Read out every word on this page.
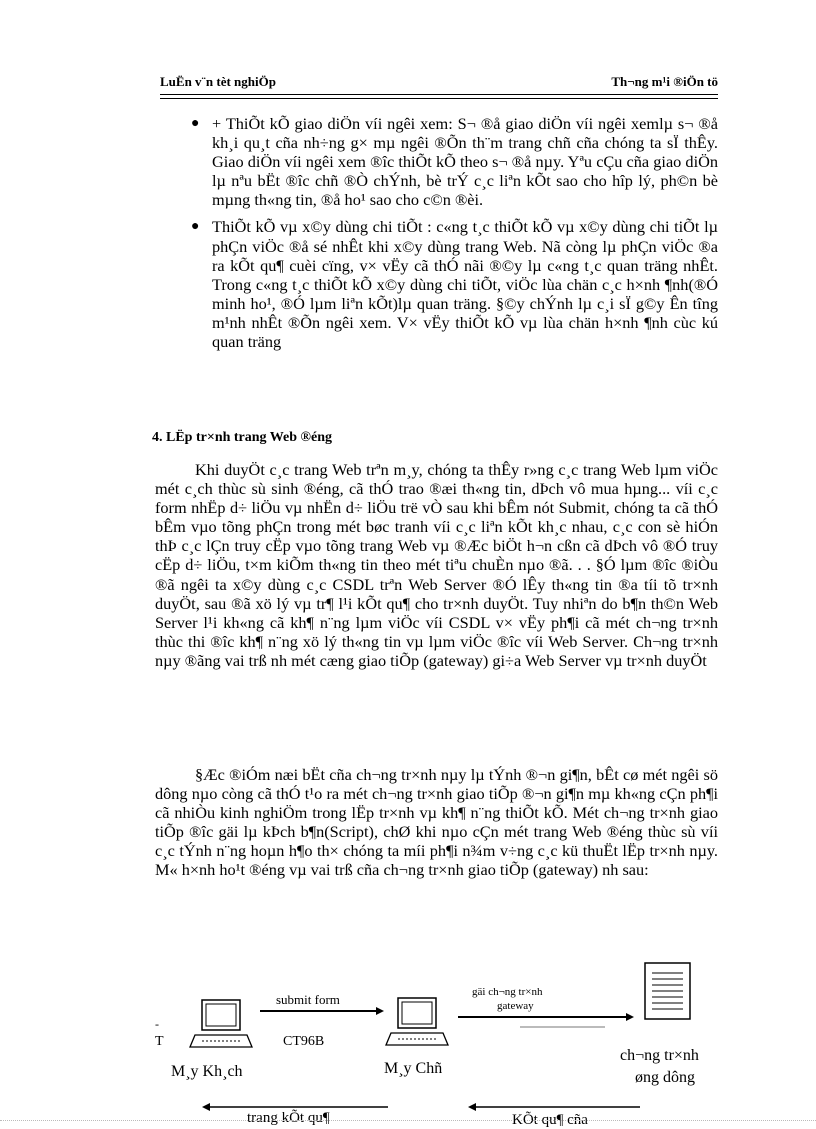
LuËn v¨n tèt nghiÖp	Th¬ng m¹i ®iÖn tö
● + ThiÕt kÕ giao diÖn víi ngêi xem: S¬ ®å giao diÖn víi ngêi xemlµ s¬ ®å kh¸i qu¸t cña nh÷ng g× mµ ngêi ®Õn th¨m trang chñ cña chóng ta sÏ thÊy. Giao diÖn víi ngêi xem ®îc thiÕt kÕ theo s¬ ®å nµy. Yªu cÇu cña giao diÖn lµ nªu bËt ®îc chñ ®Ò chÝnh, bè trÝ c¸c liªn kÕt sao cho hîp lý, ph©n bè mµng th«ng tin, ®å ho¹ sao cho c©n ®èi.
● ThiÕt kÕ vµ x©y dùng chi tiÕt : c«ng t¸c thiÕt kÕ vµ x©y dùng chi tiÕt lµ phÇn viÖc ®å sé nhÊt khi x©y dùng trang Web. Nã còng lµ phÇn viÖc ®a ra kÕt qu¶ cuèi cïng, v× vËy cã thÓ nãi ®©y lµ c«ng t¸c quan träng nhÊt. Trong c«ng t¸c thiÕt kÕ x©y dùng chi tiÕt, viÖc lùa chän c¸c h×nh ¶nh(®Ó minh ho¹, ®Ó lµm liªn kÕt)lµ quan träng. §©y chÝnh lµ c¸i sÏ g©y Ên tîng m¹nh nhÊt ®Õn ngêi xem. V× vËy thiÕt kÕ vµ lùa chän h×nh ¶nh cùc kú quan träng
4. LËp tr×nh trang Web ®éng

Khi duyÖt c¸c trang Web trªn m¸y, chóng ta thÊy r»ng c¸c trang Web lµm viÖc mét c¸ch thùc sù sinh ®éng, cã thÓ trao ®æi th«ng tin, dÞch vô mua hµng... víi c¸c form nhËp d÷ liÖu vµ nhËn d÷ liÖu trë vÒ sau khi bÊm nót Submit, chóng ta cã thÓ bÊm vµo tõng phÇn trong mét bøc tranh víi c¸c liªn kÕt kh¸c nhau, c¸c con sè hiÓn thÞ c¸c lÇn truy cËp vµo tõng trang Web vµ ®Æc biÖt h¬n cßn cã dÞch vô ®Ó truy cËp d÷ liÖu, t×m kiÕm th«ng tin theo mét tiªu chuÈn nµo ®ã. . . §Ó lµm ®îc ®iÒu ®ã ngêi ta x©y dùng c¸c CSDL trªn Web Server ®Ó lÊy th«ng tin ®a tíi tõ tr×nh duyÖt, sau ®ã xö lý vµ tr¶ l¹i kÕt qu¶ cho tr×nh duyÖt. Tuy nhiªn do b¶n th©n Web Server l¹i kh«ng cã kh¶ n¨ng lµm viÖc víi CSDL v× vËy ph¶i cã mét ch¬ng tr×nh thùc thi ®îc kh¶ n¨ng xö lý th«ng tin vµ lµm viÖc ®îc víi Web Server. Ch¬ng tr×nh nµy ®ãng vai trß nh mét cæng giao tiÕp (gateway) gi÷a Web Server vµ tr×nh duyÖt

§Æc ®iÓm næi bËt cña ch¬ng tr×nh nµy lµ tÝnh ®¬n gi¶n, bÊt cø mét ngêi sö dông nµo còng cã thÓ t¹o ra mét ch¬ng tr×nh giao tiÕp ®¬n gi¶n mµ kh«ng cÇn ph¶i cã nhiÒu kinh nghiÖm trong lËp tr×nh vµ kh¶ n¨ng thiÕt kÕ. Mét ch¬ng tr×nh giao tiÕp ®îc gäi lµ kÞch b¶n(Script), chØ khi nµo cÇn mét trang Web ®éng thùc sù víi c¸c tÝnh n¨ng hoµn h¶o th× chóng ta míi ph¶i n¾m v÷ng c¸c kü thuËt lËp tr×nh nµy. M« h×nh ho¹t ®éng vµ vai trß cña ch¬ng tr×nh giao tiÕp (gateway) nh sau:

submit form
CT96B
gäi ch¬ng tr×nh
gateway
M¸y Kh¸ch	M¸y Chñ
ch¬ng tr×nh
øng dông
trang kÕt qu¶	KÕt qu¶ cña
-
T
